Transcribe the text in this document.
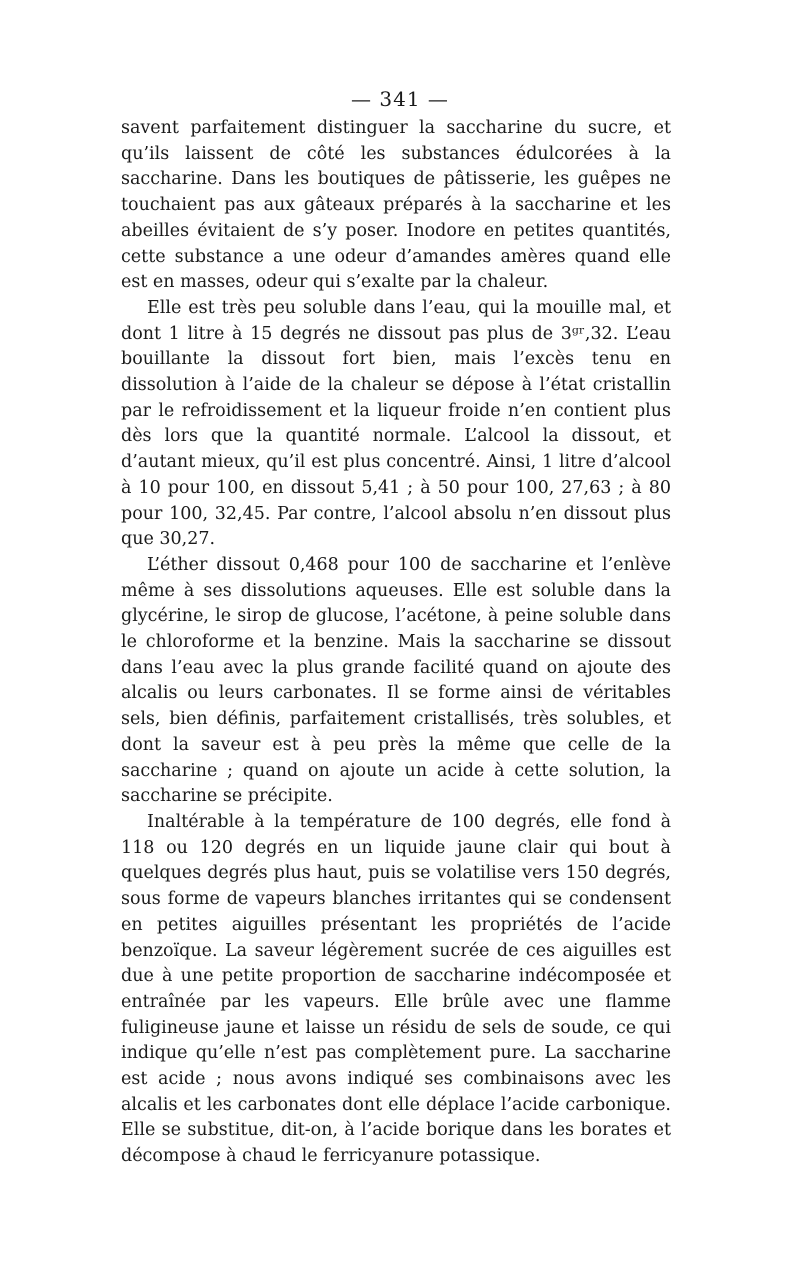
— 341 —

savent parfaitement distinguer la saccharine du sucre, et qu’ils laissent de côté les substances édulcorées à la saccharine. Dans les boutiques de pâtisserie, les guêpes ne touchaient pas aux gâteaux préparés à la saccharine et les abeilles évitaient de s’y poser. Inodore en petites quantités, cette substance a une odeur d’amandes amères quand elle est en masses, odeur qui s’exalte par la chaleur.

Elle est très peu soluble dans l’eau, qui la mouille mal, et dont 1 litre à 15 degrés ne dissout pas plus de 3ᵍʳ,32. L’eau bouillante la dissout fort bien, mais l’excès tenu en dissolution à l’aide de la chaleur se dépose à l’état cristallin par le refroidissement et la liqueur froide n’en contient plus dès lors que la quantité normale. L’alcool la dissout, et d’autant mieux, qu’il est plus concentré. Ainsi, 1 litre d’alcool à 10 pour 100, en dissout 5,41 ; à 50 pour 100, 27,63 ; à 80 pour 100, 32,45. Par contre, l’alcool absolu n’en dissout plus que 30,27.

L’éther dissout 0,468 pour 100 de saccharine et l’enlève même à ses dissolutions aqueuses. Elle est soluble dans la glycérine, le sirop de glucose, l’acétone, à peine soluble dans le chloroforme et la benzine. Mais la saccharine se dissout dans l’eau avec la plus grande facilité quand on ajoute des alcalis ou leurs carbonates. Il se forme ainsi de véritables sels, bien définis, parfaitement cristallisés, très solubles, et dont la saveur est à peu près la même que celle de la saccharine ; quand on ajoute un acide à cette solution, la saccharine se précipite.

Inaltérable à la température de 100 degrés, elle fond à 118 ou 120 degrés en un liquide jaune clair qui bout à quelques degrés plus haut, puis se volatilise vers 150 degrés, sous forme de vapeurs blanches irritantes qui se condensent en petites aiguilles présentant les propriétés de l’acide benzoïque. La saveur légèrement sucrée de ces aiguilles est due à une petite proportion de saccharine indécomposée et entraînée par les vapeurs. Elle brûle avec une flamme fuligineuse jaune et laisse un résidu de sels de soude, ce qui indique qu’elle n’est pas complètement pure. La saccharine est acide ; nous avons indiqué ses combinaisons avec les alcalis et les carbonates dont elle déplace l’acide carbonique. Elle se substitue, dit-on, à l’acide borique dans les borates et décompose à chaud le ferricyanure potassique.
